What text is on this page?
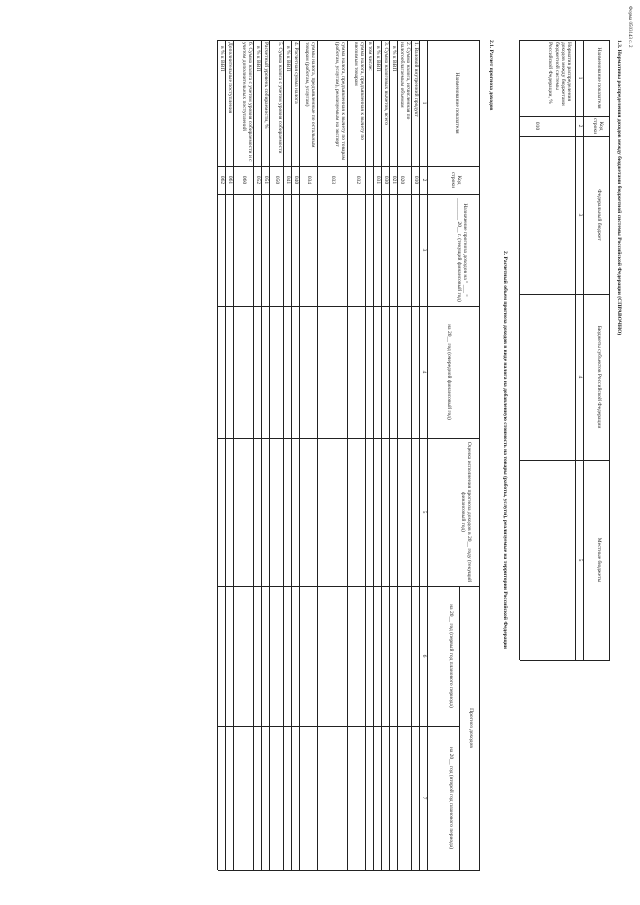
Форма 0503143 с. 2
1.3. Нормативы распределения доходов между бюджетами бюджетной системы Российской Федерации (СПРАВОЧНО)
Наименование показателя
Код строки
Федеральный бюджет
Бюджеты субъектов Российской Федерации
Местные бюджеты
1
2
3
4
5
Норматив распределения доходов между бюджетами бюджетной системы Российской Федерации, %
010
2. Расчетный объем прогноза доходов в виде налога на добавленную стоимость на товары (работы, услуги), реализуемые на территории Российской Федерации
2.1. Расчет прогноза доходов
Наименование показателя
Код строки
Назначение прогноза доходов на " ___ " ________ 20__ г. (текущий финансовый год)
Оценка исполнения прогноза доходов в 20__ году (текущий финансовый год)
Прогноз доходов
на 20__ год (очередной финансовый год)
на 20__ год (первый год планового периода)
на 20__ год (второй год планового периода)
1
2
3
4
5
6
7
1. Валовой внутренний продукт
010
2. Сумма налога, исчисленная по налогооблагаемым объемам
020
в % к ВВП
021
3. Сумма налоговых вычетов, всего
030
в % к ВВП
031
в том числе:
сумма налога, предъявленная к вычету по ввозимым товарам
032
сумма налога, предъявленная к вычету по товарам (работам, услугам), реализуемым на экспорт
033
суммы налога, предъявленные по остальным товарам (работам, услугам)
034
4. Расчетная сумма налога
040
в % к ВВП
041
5. Сумма налога с учетом уровня собираемости
050
Расчетный уровень собираемости, %
051
в % к ВВП
052
6. Сумма налога с учетом уровня собираемости и с учетом дополнительных поступлений
060
Дополнительные поступления
061
в % к ВВП
062
